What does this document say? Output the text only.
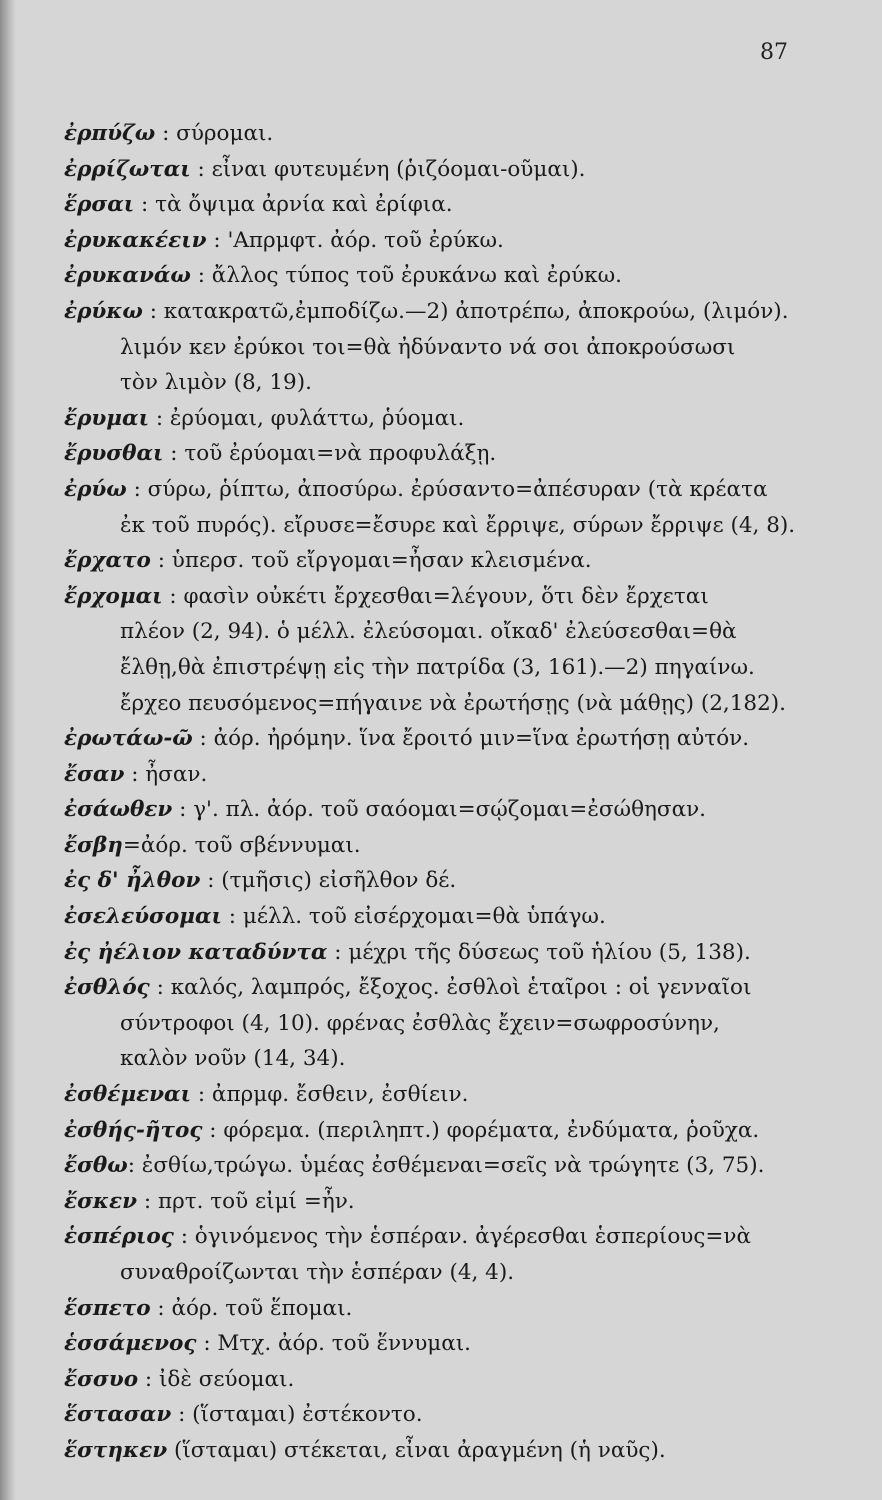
87
ἐρπύζω : σύρομαι.
ἐρρίζωται : εἶναι φυτευμένη (ῥιζόομαι-οῦμαι).
ἕρσαι : τὰ ὄψιμα ἀρνία καὶ ἐρίφια.
ἐρυκακέειν : 'Απρμφτ. ἀόρ. τοῦ ἐρύκω.
ἐρυκανάω : ἄλλος τύπος τοῦ ἐρυκάνω καὶ ἐρύκω.
ἐρύκω : κατακρατῶ,ἐμποδίζω.—2) ἀποτρέπω, ἀποκρούω, (λιμόν).
λιμόν κεν ἐρύκοι τοι=θὰ ἠδύναντο νά σοι ἀποκρούσωσι
τὸν λιμὸν (8, 19).
ἔρυμαι : ἐρύομαι, φυλάττω, ῥύομαι.
ἔρυσθαι : τοῦ ἐρύομαι=νὰ προφυλάξῃ.
ἐρύω : σύρω, ῥίπτω, ἀποσύρω. ἐρύσαντο=ἀπέσυραν (τὰ κρέατα
ἐκ τοῦ πυρός). εἴρυσε=ἔσυρε καὶ ἔρριψε, σύρων ἔρριψε (4, 8).
ἔρχατο : ὑπερσ. τοῦ εἴργομαι=ἦσαν κλεισμένα.
ἔρχομαι : φασὶν οὐκέτι ἔρχεσθαι=λέγουν, ὅτι δὲν ἔρχεται
πλέον (2, 94). ὁ μέλλ. ἐλεύσομαι. οἴκαδ' ἐλεύσεσθαι=θὰ
ἔλθῃ,θὰ ἐπιστρέψῃ εἰς τὴν πατρίδα (3, 161).—2) πηγαίνω.
ἔρχεο πευσόμενος=πήγαινε νὰ ἐρωτήσῃς (νὰ μάθῃς) (2,182).
ἐρωτάω-ῶ : ἀόρ. ἠρόμην. ἵνα ἔροιτό μιν=ἵνα ἐρωτήσῃ αὐτόν.
ἔσαν : ἦσαν.
ἐσάωθεν : γ'. πλ. ἀόρ. τοῦ σαόομαι=σῴζομαι=ἐσώθησαν.
ἔσβη=ἀόρ. τοῦ σβέννυμαι.
ἐς δ' ἦλθον : (τμῆσις) εἰσῆλθον δέ.
ἐσελεύσομαι : μέλλ. τοῦ εἰσέρχομαι=θὰ ὑπάγω.
ἐς ἠέλιον καταδύντα : μέχρι τῆς δύσεως τοῦ ἡλίου (5, 138).
ἐσθλός : καλός, λαμπρός, ἔξοχος. ἐσθλοὶ ἑταῖροι : οἱ γενναῖοι
σύντροφοι (4, 10). φρένας ἐσθλὰς ἔχειν=σωφροσύνην,
καλὸν νοῦν (14, 34).
ἐσθέμεναι : ἀπρμφ. ἔσθειν, ἐσθίειν.
ἐσθής-ῆτος : φόρεμα. (περιληπτ.) φορέματα, ἐνδύματα, ῥοῦχα.
ἔσθω: ἐσθίω,τρώγω. ὑμέας ἐσθέμεναι=σεῖς νὰ τρώγητε (3, 75).
ἔσκεν : πρτ. τοῦ εἰμί =ἦν.
ἑσπέριος : ὁγινόμενος τὴν ἑσπέραν. ἀγέρεσθαι ἑσπερίους=νὰ
συναθροίζωνται τὴν ἑσπέραν (4, 4).
ἕσπετο : ἀόρ. τοῦ ἕπομαι.
ἑσσάμενος : Μτχ. ἀόρ. τοῦ ἕννυμαι.
ἔσσυο : ἰδὲ σεύομαι.
ἕστασαν : (ἵσταμαι) ἐστέκοντο.
ἕστηκεν (ἵσταμαι) στέκεται, εἶναι ἀραγμένη (ἡ ναῦς).
